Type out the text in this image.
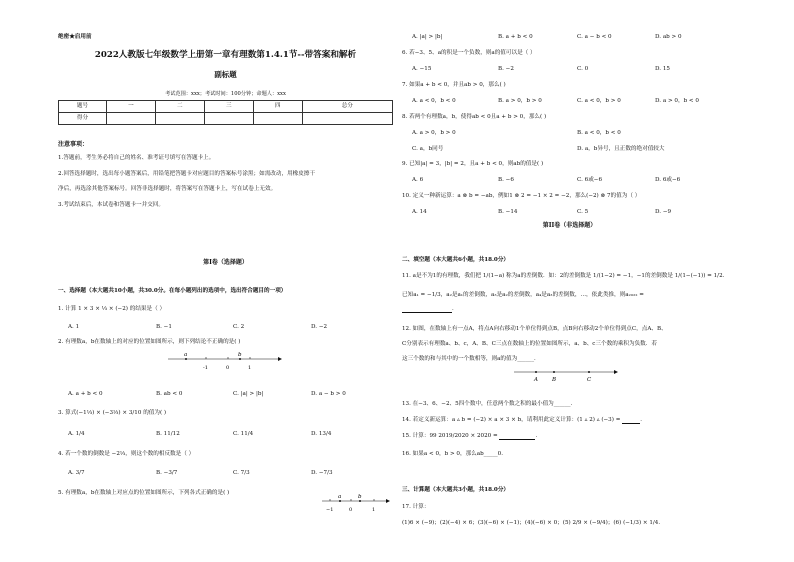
绝密★启用前
2022人教版七年级数学上册第一章有理数第1.4.1节--带答案和解析
副标题
考试范围：xxx；考试时间：100分钟；命题人：xxx
题号	一	二	三	四	总分
得分					
注意事项：
1.答题前，考生务必将自己的姓名、准考证号填写在答题卡上。
2.回答选择题时，选出每小题答案后，用铅笔把答题卡对应题目的答案标号涂黑；如需改动，用橡皮擦干
净后，再选涂其他答案标号。回答非选择题时，将答案写在答题卡上，写在试卷上无效。
3.考试结束后，本试卷和答题卡一并交回。
第I卷（选择题）
一、选择题（本大题共10小题，共30.0分。在每小题列出的选项中，选出符合题目的一项）
1. 计算 1 × 3 × ⅓ × (−2) 的结果是（ ）
A. 1	B. −1	C. 2	D. −2
2. 有理数a，b在数轴上的对应的位置如图所示，则下列结论不正确的是( )
a	b
-1	0	1
A. a + b < 0	B. ab < 0	C. |a| > |b|	D. a − b > 0
3. 算式(−1⅓) × (−3⅓) × 3/10 的值为( )
A. 1/4	B. 11/12	C. 11/4	D. 13/4
4. 若一个数的倒数是 −2⅓，则这个数的相反数是（ ）
A. 3/7	B. −3/7	C. 7/3	D. −7/3
5. 有理数a，b在数轴上对应点的位置如图所示，下列各式正确的是( )
a	b
−1	0	1
A. |a| > |b|	B. a + b < 0	C. a − b < 0	D. ab > 0
6. 若−3、5、a的积是一个负数，则a的值可以是（ ）
A. −15	B. −2	C. 0	D. 15
7. 如果a + b < 0，并且ab > 0，那么( )
A. a < 0，b < 0	B. a > 0，b > 0	C. a < 0，b > 0	D. a > 0，b < 0
8. 若两个有理数a，b，使得ab < 0且a + b > 0，那么( )
A. a > 0，b > 0	B. a < 0，b < 0
C. a，b同号	D. a，b异号，且正数的绝对值较大
9. 已知|a| = 3，|b| = 2，且a + b < 0，则ab的值是( )
A. 6	B. −6	C. 6或−6	D. 6或−6
10. 定义一种新运算：a ⊗ b = −ab，例如1 ⊗ 2 = −1 × 2 = −2，那么(−2) ⊗ 7的值为（ ）
A. 14	B. −14	C. 5	D. −9
第II卷（非选择题）
二、填空题（本大题共6小题，共18.0分）
11. a是不为1的有理数，我们把 1/(1−a) 称为a的差倒数．如：2的差倒数是 1/(1−2) = −1，−1的差倒数是 1/(1−(−1)) = 1/2．
已知a₁ = −1/3，a₂是a₁的差倒数，a₃是a₂的差倒数，a₄是a₃的差倒数，…，依此类推，则a₂₀₂₂ =
．
12. 如图，在数轴上有一点A，将点A向右移动1个单位得到点B，点B向右移动2个单位得到点C，点A、B、
C分别表示有理数a、b、c，A、B、C三点在数轴上的位置如图所示，a、b、c三个数的乘积为负数．若
这三个数的和与其中的一个数相等，则a的值为______．
A	B	C
13. 在−3、6、−2、5四个数中，任意两个数之积的最小值为______．
14. 若定义新运算：a ▵ b = (−2) × a × 3 × b，请利用此定义计算：(1 ▵ 2) ▵ (−3) =	．
15. 计算：99 2019/2020 × 2020 =	．
16. 如果a < 0，b > 0，那么ab_____0.
三、计算题（本大题共3小题，共18.0分）
17. 计算：
(1)6 × (−9)；(2)(−4) × 6；(3)(−6) × (−1)；(4)(−6) × 0；(5) 2/9 × (−9/4)；(6) (−1/3) × 1/4．
